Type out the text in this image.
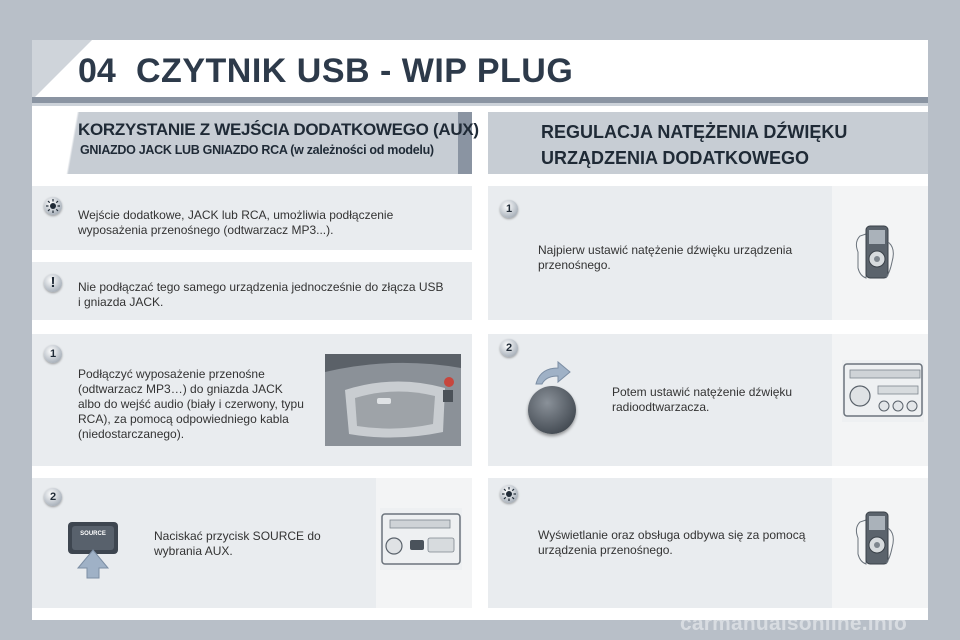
04 CZYTNIK USB - WIP PLUG
KORZYSTANIE Z WEJŚCIA DODATKOWEGO (AUX)
GNIAZDO JACK LUB GNIAZDO RCA (w zależności od modelu)
REGULACJA NATĘŻENIA DŹWIĘKU
URZĄDZENIA DODATKOWEGO
Wejście dodatkowe, JACK lub RCA, umożliwia podłączenie wyposażenia przenośnego (odtwarzacz MP3...).
!	Nie podłączać tego samego urządzenia jednocześnie do złącza USB i gniazda JACK.
1
Podłączyć wyposażenie przenośne (odtwarzacz MP3…) do gniazda JACK albo do wejść audio (biały i czerwony, typu RCA), za pomocą odpowiedniego kabla (niedostarczanego).
2
SOURCE	Naciskać przycisk SOURCE do wybrania AUX.
1
Najpierw ustawić natężenie dźwięku urządzenia przenośnego.
2
Potem ustawić natężenie dźwięku radioodtwarzacza.
Wyświetlanie oraz obsługa odbywa się za pomocą urządzenia przenośnego.
carmanualsonline.info
207
